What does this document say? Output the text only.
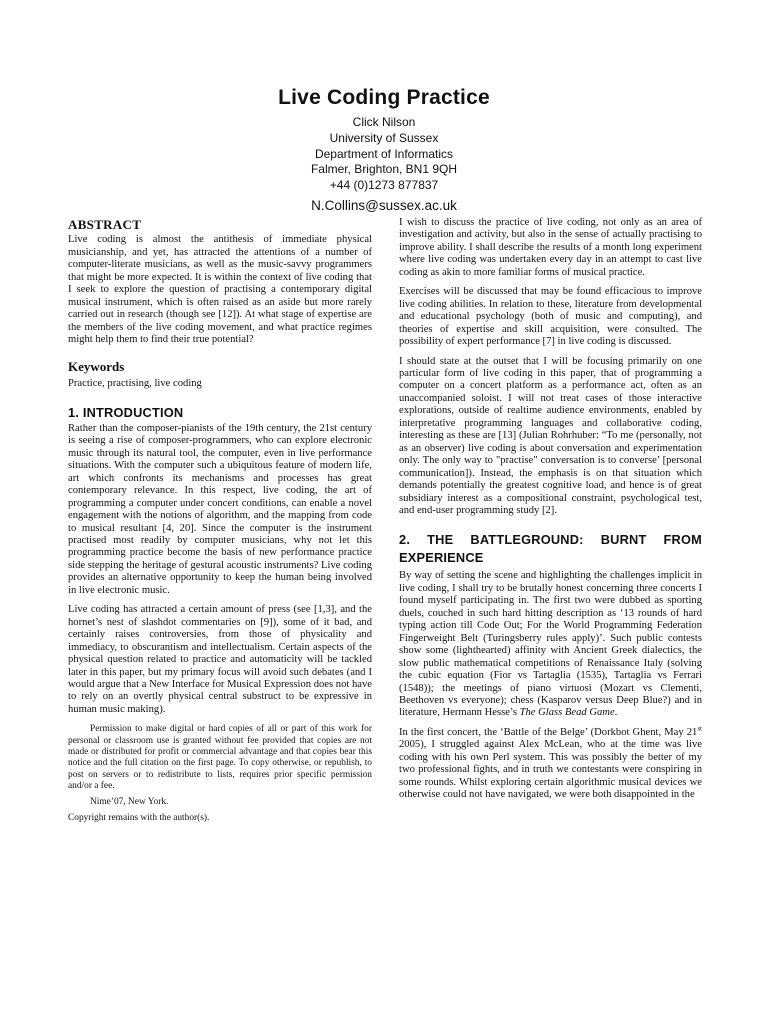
Live Coding Practice
Click Nilson
University of Sussex
Department of Informatics
Falmer, Brighton, BN1 9QH
+44 (0)1273 877837
N.Collins@sussex.ac.uk
ABSTRACT

Live coding is almost the antithesis of immediate physical musicianship, and yet, has attracted the attentions of a number of computer-literate musicians, as well as the music-savvy programmers that might be more expected. It is within the context of live coding that I seek to explore the question of practising a contemporary digital musical instrument, which is often raised as an aside but more rarely carried out in research (though see [12]). At what stage of expertise are the members of the live coding movement, and what practice regimes might help them to find their true potential?

Keywords

Practice, practising, live coding

1. INTRODUCTION

Rather than the composer-pianists of the 19th century, the 21st century is seeing a rise of composer-programmers, who can explore electronic music through its natural tool, the computer, even in live performance situations. With the computer such a ubiquitous feature of modern life, art which confronts its mechanisms and processes has great contemporary relevance. In this respect, live coding, the art of programming a computer under concert conditions, can enable a novel engagement with the notions of algorithm, and the mapping from code to musical resultant [4, 20]. Since the computer is the instrument practised most readily by computer musicians, why not let this programming practice become the basis of new performance practice side stepping the heritage of gestural acoustic instruments? Live coding provides an alternative opportunity to keep the human being involved in live electronic music.

Live coding has attracted a certain amount of press (see [1,3], and the hornet’s nest of slashdot commentaries on [9]), some of it bad, and certainly raises controversies, from those of physicality and immediacy, to obscurantism and intellectualism. Certain aspects of the physical question related to practice and automaticity will be tackled later in this paper, but my primary focus will avoid such debates (and I would argue that a New Interface for Musical Expression does not have to rely on an overtly physical central substruct to be expressive in human music making).

Permission to make digital or hard copies of all or part of this work for personal or classroom use is granted without fee provided that copies are not made or distributed for profit or commercial advantage and that copies bear this notice and the full citation on the first page. To copy otherwise, or republish, to post on servers or to redistribute to lists, requires prior specific permission and/or a fee.

Nime’07, New York.

Copyright remains with the author(s).

I wish to discuss the practice of live coding, not only as an area of investigation and activity, but also in the sense of actually practising to improve ability. I shall describe the results of a month long experiment where live coding was undertaken every day in an attempt to cast live coding as akin to more familiar forms of musical practice.

Exercises will be discussed that may be found efficacious to improve live coding abilities. In relation to these, literature from developmental and educational psychology (both of music and computing), and theories of expertise and skill acquisition, were consulted. The possibility of expert performance [7] in live coding is discussed.

I should state at the outset that I will be focusing primarily on one particular form of live coding in this paper, that of programming a computer on a concert platform as a performance act, often as an unaccompanied soloist. I will not treat cases of those interactive explorations, outside of realtime audience environments, enabled by interpretative programming languages and collaborative coding, interesting as these are [13] (Julian Rohrhuber: “To me (personally, not as an observer) live coding is about conversation and experimentation only. The only way to "practise" conversation is to converse’ [personal communication]). Instead, the emphasis is on that situation which demands potentially the greatest cognitive load, and hence is of great subsidiary interest as a compositional constraint, psychological test, and end-user programming study [2].

2. THE BATTLEGROUND: BURNT FROM EXPERIENCE

By way of setting the scene and highlighting the challenges implicit in live coding, I shall try to be brutally honest concerning three concerts I found myself participating in. The first two were dubbed as sporting duels, couched in such hard hitting description as ‘13 rounds of hard typing action till Code Out; For the World Programming Federation Fingerweight Belt (Turingsberry rules apply)’. Such public contests show some (lighthearted) affinity with Ancient Greek dialectics, the slow public mathematical competitions of Renaissance Italy (solving the cubic equation (Fior vs Tartaglia (1535), Tartaglia vs Ferrari (1548)); the meetings of piano virtuosi (Mozart vs Clementi, Beethoven vs everyone); chess (Kasparov versus Deep Blue?) and in literature, Hermann Hesse’s The Glass Bead Game.

In the first concert, the ‘Battle of the Belge’ (Dorkbot Ghent, May 21st 2005), I struggled against Alex McLean, who at the time was live coding with his own Perl system. This was possibly the better of my two professional fights, and in truth we contestants were conspiring in some rounds. Whilst exploring certain algorithmic musical devices we otherwise could not have navigated, we were both disappointed in the
